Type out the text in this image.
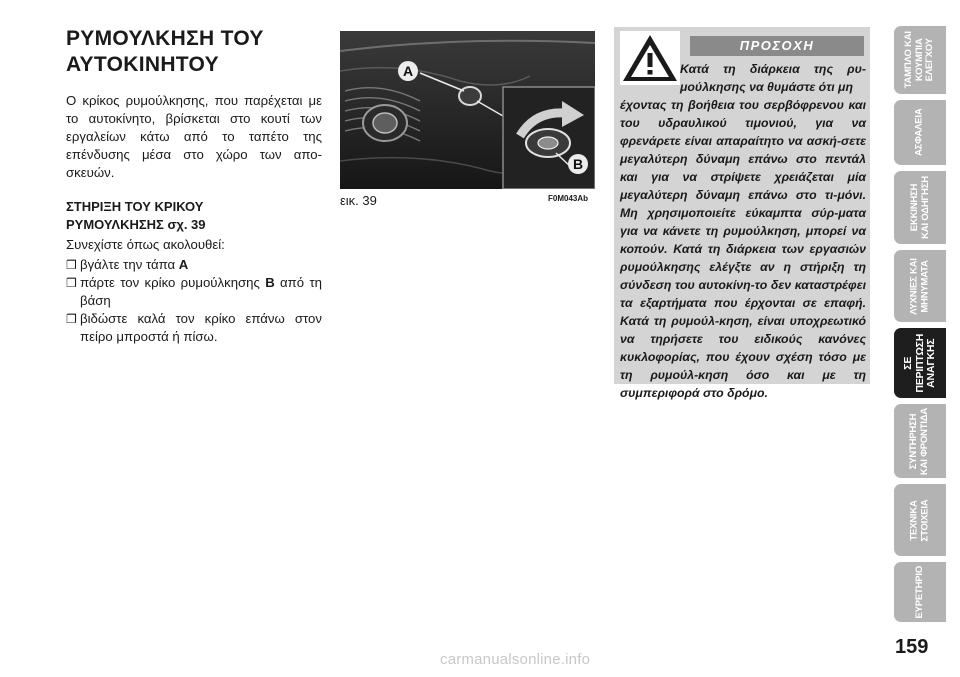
ΡΥΜΟΥΛΚΗΣΗ ΤΟΥ
ΑΥΤΟΚΙΝΗΤΟΥ

Ο κρίκος ρυμούλκησης, που παρέχεται με το αυτοκίνητο, βρίσκεται στο κουτί των εργαλείων κάτω από το ταπέτο της επένδυσης μέσα στο χώρο των απο-σκευών.

ΣΤΗΡΙΞΗ ΤΟΥ ΚΡΙΚΟΥ
ΡΥΜΟΥΛΚΗΣΗΣ σχ. 39

Συνεχίστε όπως ακολουθεί:

❒ βγάλτε την τάπα A
❒ πάρτε τον κρίκο ρυμούλκησης B από τη βάση
❒ βιδώστε καλά τον κρίκο επάνω στον πείρο μπροστά ή πίσω.
A
B
εικ. 39	F0M043Ab
ΠΡΟΣΟΧΗ
Κατά τη διάρκεια της ρυ-μούλκησης να θυμάστε ότι μη
έχοντας τη βοήθεια του σερβόφρενου και του υδραυλικού τιμονιού, για να φρενάρετε είναι απαραίτητο να ασκή-σετε μεγαλύτερη δύναμη επάνω στο πεντάλ και για να στρίψετε χρειάζεται μία μεγαλύτερη δύναμη επάνω στο τι-μόνι. Μη χρησιμοποιείτε εύκαμπτα σύρ-ματα για να κάνετε τη ρυμούλκηση, μπορεί να κοπούν. Κατά τη διάρκεια των εργασιών ρυμούλκησης ελέγξτε αν η στήριξη τη σύνδεση του αυτοκίνη-το δεν καταστρέφει τα εξαρτήματα που έρχονται σε επαφή. Κατά τη ρυμούλ-κηση, είναι υποχρεωτικό να τηρήσετε του ειδικούς κανόνες κυκλοφορίας, που έχουν σχέση τόσο με τη ρυμούλ-κηση όσο και με τη συμπεριφορά στο δρόμο.
ΤΑΜΠΛΟ ΚΑΙ
ΚΟΥΜΠΙΑ
ΕΛΕΓΧΟΥ
ΑΣΦΑΛΕΙΑ
ΕΚΚΙΝΗΣΗ
ΚΑΙ ΟΔΗΓΗΣΗ
ΛΥΧΝΙΕΣ ΚΑΙ
ΜΗΝΥΜΑΤΑ
ΣΕ
ΠΕΡΙΠΤΩΣΗ
ΑΝΑΓΚΗΣ
ΣΥΝΤΗΡΗΣΗ
ΚΑΙ ΦΡΟΝΤΙΔΑ
ΤΕΧΝΙΚΑ
ΣΤΟΙΧΕΙΑ
ΕΥΡΕΤΗΡΙΟ
159
carmanualsonline.info
